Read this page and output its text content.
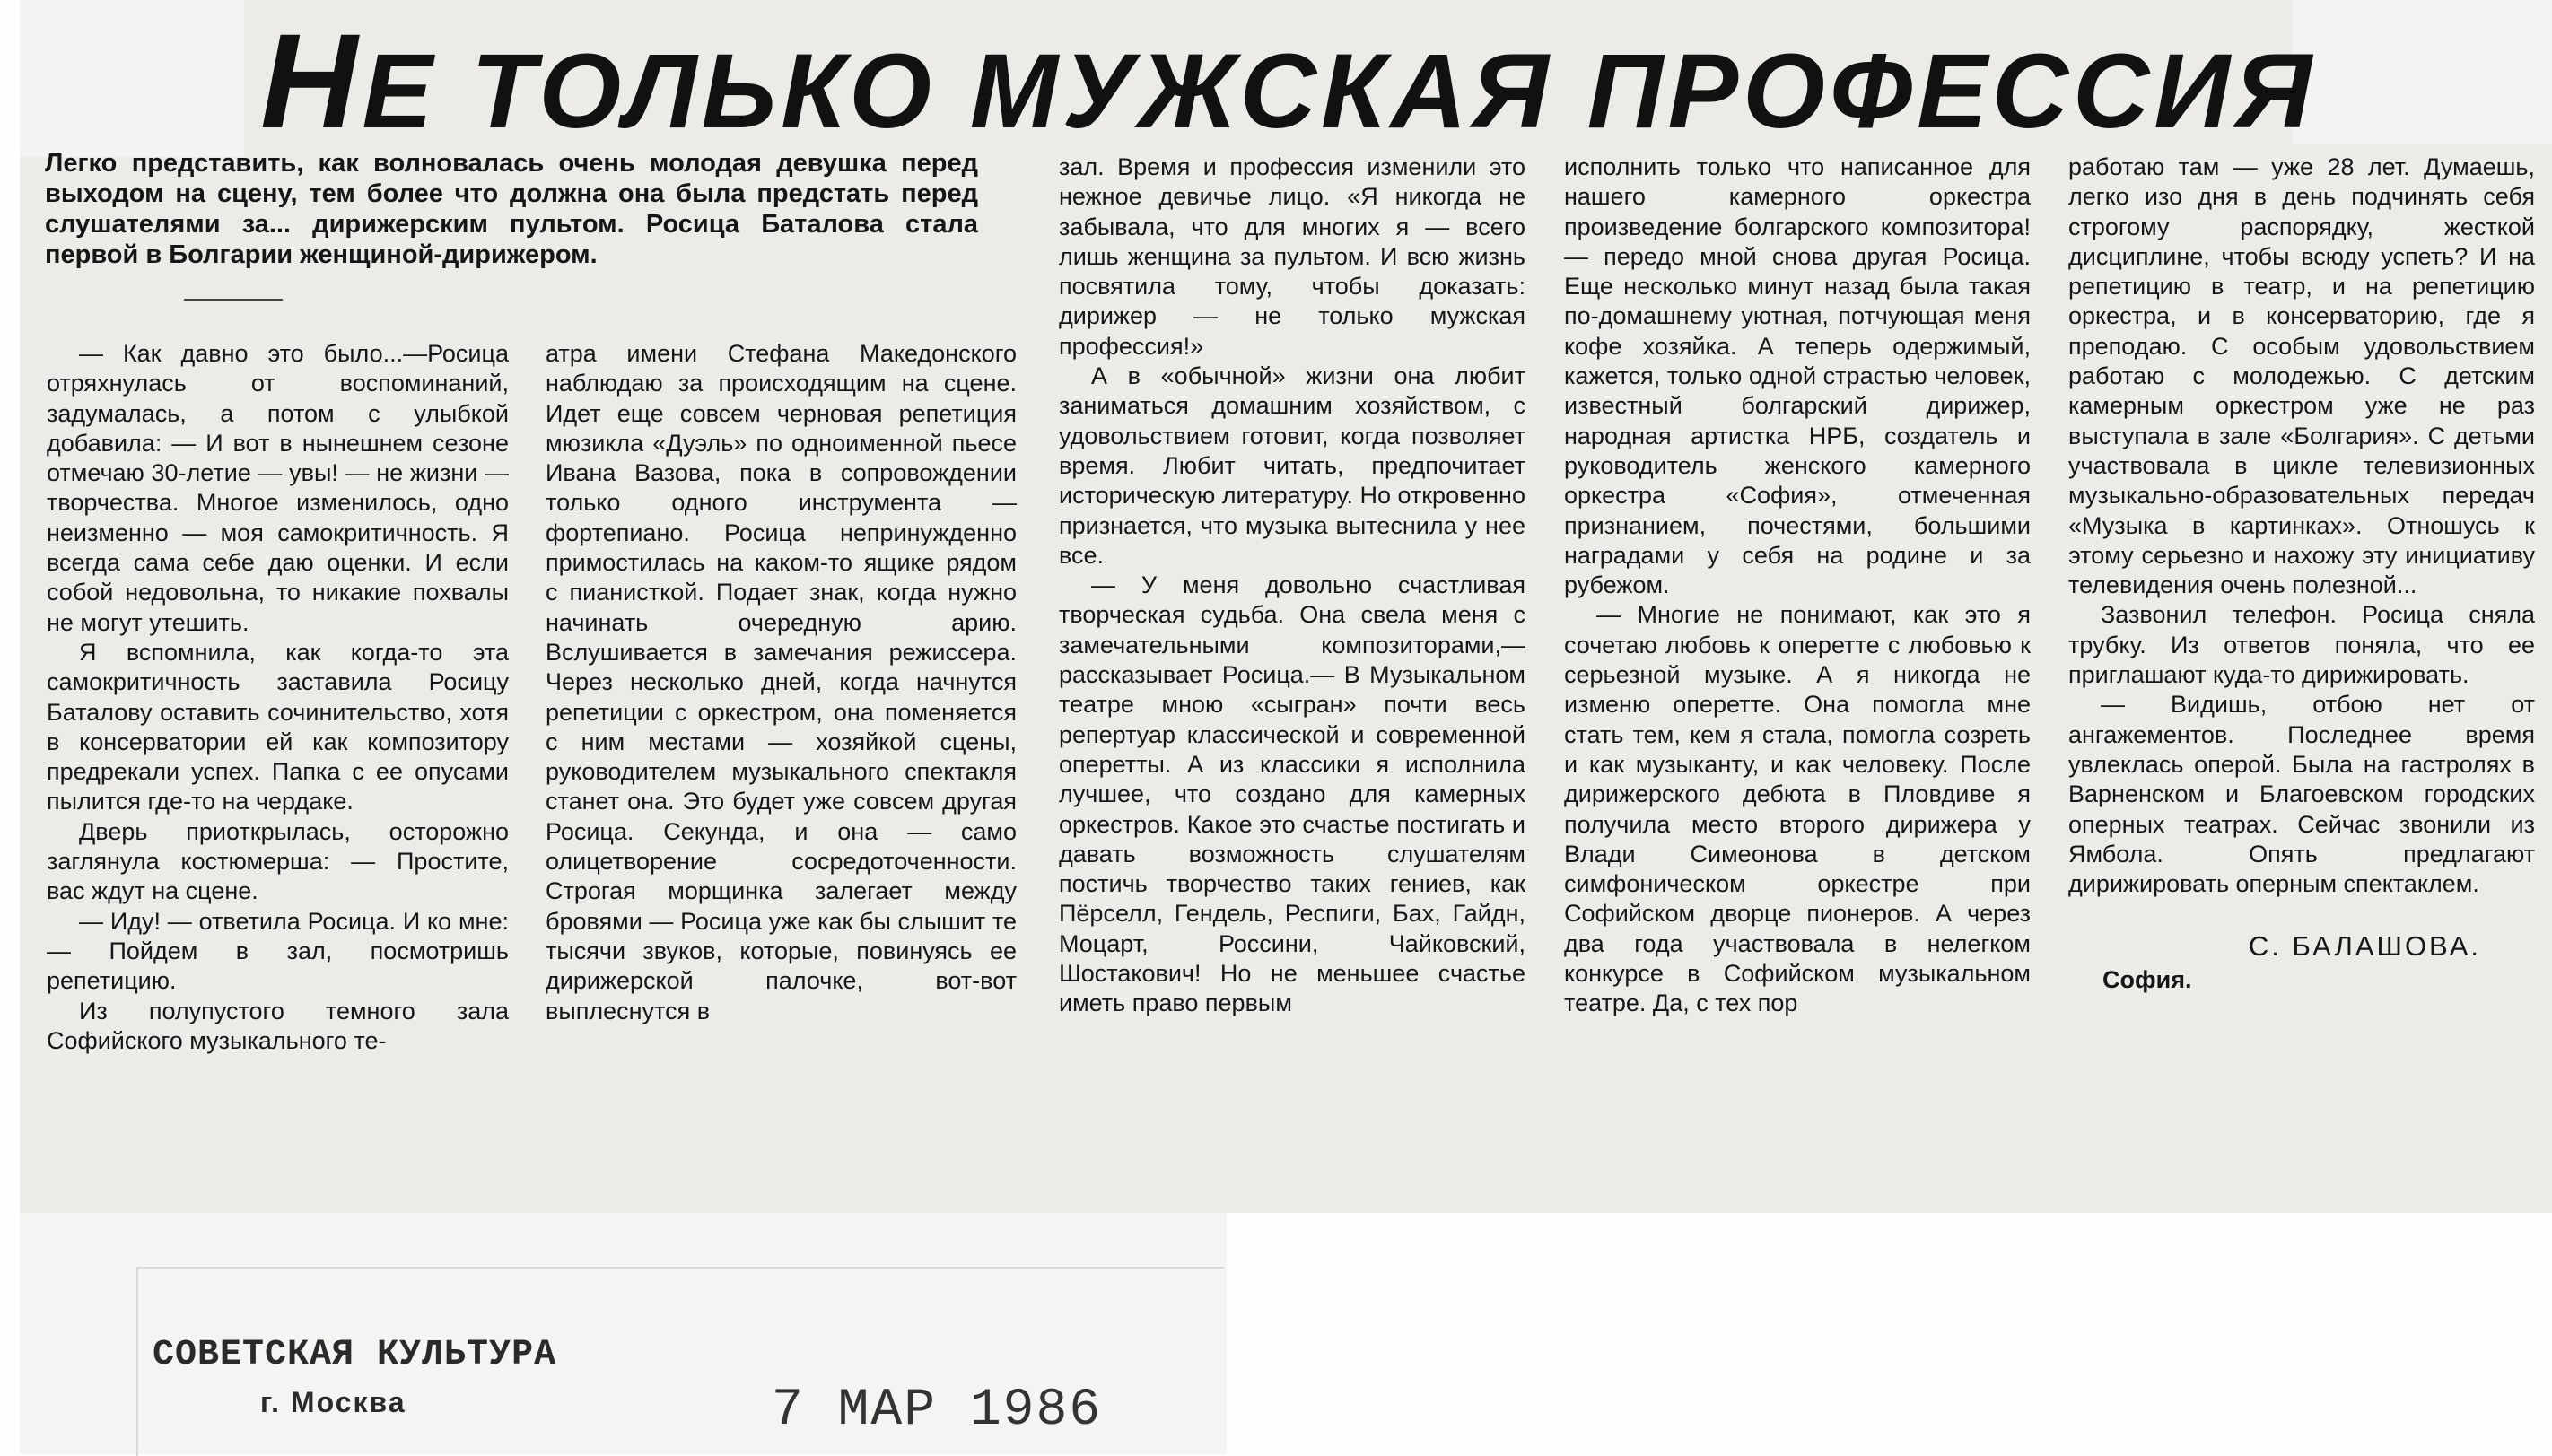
НЕ ТОЛЬКО МУЖСКАЯ ПРОФЕССИЯ
Легко представить, как волновалась очень молодая девушка перед выходом на сцену, тем более что должна она была предстать перед слушателями за... дирижерским пультом. Росица Баталова стала первой в Болгарии женщиной-дирижером.

— Как давно это было...—Росица отряхнулась от воспоминаний, задумалась, а потом с улыбкой добавила: — И вот в нынешнем сезоне отмечаю 30-летие — увы! — не жизни — творчества. Многое изменилось, одно неизменно — моя самокритичность. Я всегда сама себе даю оценки. И если собой недовольна, то никакие похвалы не могут утешить.

Я вспомнила, как когда-то эта самокритичность заставила Росицу Баталову оставить сочинительство, хотя в консерватории ей как композитору предрекали успех. Папка с ее опусами пылится где-то на чердаке.

Дверь приоткрылась, осторожно заглянула костюмерша: — Простите, вас ждут на сцене.

— Иду! — ответила Росица. И ко мне: — Пойдем в зал, посмотришь репетицию.

Из полупустого темного зала Софийского музыкального те-

атра имени Стефана Македонского наблюдаю за происходящим на сцене. Идет еще совсем черновая репетиция мюзикла «Дуэль» по одноименной пьесе Ивана Вазова, пока в сопровождении только одного инструмента — фортепиано. Росица непринужденно примостилась на каком-то ящике рядом с пианисткой. Подает знак, когда нужно начинать очередную арию. Вслушивается в замечания режиссера. Через несколько дней, когда начнутся репетиции с оркестром, она поменяется с ним местами — хозяйкой сцены, руководителем музыкального спектакля станет она. Это будет уже совсем другая Росица. Секунда, и она — само олицетворение сосредоточенности. Строгая морщинка залегает между бровями — Росица уже как бы слышит те тысячи звуков, которые, повинуясь ее дирижерской палочке, вот-вот выплеснутся в

зал. Время и профессия изменили это нежное девичье лицо. «Я никогда не забывала, что для многих я — всего лишь женщина за пультом. И всю жизнь посвятила тому, чтобы доказать: дирижер — не только мужская профессия!»

А в «обычной» жизни она любит заниматься домашним хозяйством, с удовольствием готовит, когда позволяет время. Любит читать, предпочитает историческую литературу. Но откровенно признается, что музыка вытеснила у нее все.

— У меня довольно счастливая творческая судьба. Она свела меня с замечательными композиторами,— рассказывает Росица.— В Музыкальном театре мною «сыгран» почти весь репертуар классической и современной оперетты. А из классики я исполнила лучшее, что создано для камерных оркестров. Какое это счастье постигать и давать возможность слушателям постичь творчество таких гениев, как Пёрселл, Гендель, Респиги, Бах, Гайдн, Моцарт, Россини, Чайковский, Шостакович! Но не меньшее счастье иметь право первым

исполнить только что написанное для нашего камерного оркестра произведение болгарского композитора! — передо мной снова другая Росица. Еще несколько минут назад была такая по-домашнему уютная, потчующая меня кофе хозяйка. А теперь одержимый, кажется, только одной страстью человек, известный болгарский дирижер, народная артистка НРБ, создатель и руководитель женского камерного оркестра «София», отмеченная признанием, почестями, большими наградами у себя на родине и за рубежом.

— Многие не понимают, как это я сочетаю любовь к оперетте с любовью к серьезной музыке. А я никогда не изменю оперетте. Она помогла мне стать тем, кем я стала, помогла созреть и как музыканту, и как человеку. После дирижерского дебюта в Пловдиве я получила место второго дирижера у Влади Симеонова в детском симфоническом оркестре при Софийском дворце пионеров. А через два года участвовала в нелегком конкурсе в Софийском музыкальном театре. Да, с тех пор

работаю там — уже 28 лет. Думаешь, легко изо дня в день подчинять себя строгому распорядку, жесткой дисциплине, чтобы всюду успеть? И на репетицию в театр, и на репетицию оркестра, и в консерваторию, где я преподаю. С особым удовольствием работаю с молодежью. С детским камерным оркестром уже не раз выступала в зале «Болгария». С детьми участвовала в цикле телевизионных музыкально-образовательных передач «Музыка в картинках». Отношусь к этому серьезно и нахожу эту инициативу телевидения очень полезной...

Зазвонил телефон. Росица сняла трубку. Из ответов поняла, что ее приглашают куда-то дирижировать.

— Видишь, отбою нет от ангажементов. Последнее время увлеклась оперой. Была на гастролях в Варненском и Благоевском городских оперных театрах. Сейчас звонили из Ямбола. Опять предлагают дирижировать оперным спектаклем.

С. БАЛАШОВА.

София.

СОВЕТСКАЯ КУЛЬТУРА
г. Москва	7 МАР 1986
